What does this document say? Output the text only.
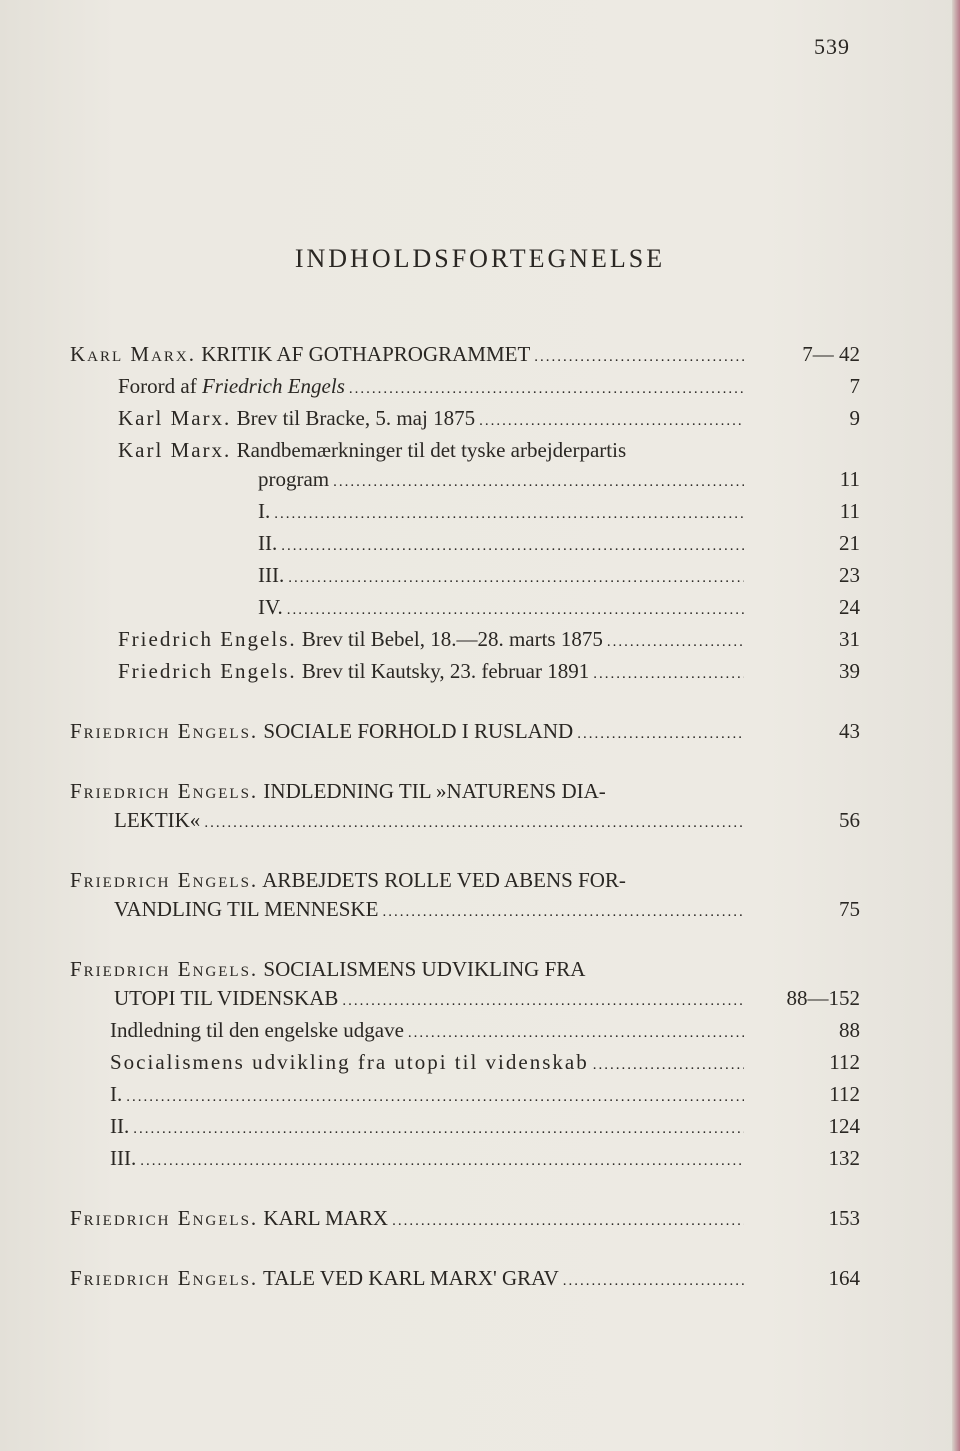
539
INDHOLDSFORTEGNELSE
Karl Marx. KRITIK AF GOTHAPROGRAMMET .....	7— 42
Forord af Friedrich Engels .....	7
Karl Marx. Brev til Bracke, 5. maj 1875 .....	9
Karl Marx. Randbemærkninger til det tyske arbejderpartis
program .....	11
I. .....	11
II. .....	21
III. .....	23
IV. .....	24
Friedrich Engels. Brev til Bebel, 18.—28. marts 1875 .....	31
Friedrich Engels. Brev til Kautsky, 23. februar 1891 .....	39
Friedrich Engels. SOCIALE FORHOLD I RUSLAND .....	43
Friedrich Engels. INDLEDNING TIL »NATURENS DIA-
LEKTIK« .....	56
Friedrich Engels. ARBEJDETS ROLLE VED ABENS FOR-
VANDLING TIL MENNESKE .....	75
Friedrich Engels. SOCIALISMENS UDVIKLING FRA
UTOPI TIL VIDENSKAB .....	88—152
Indledning til den engelske udgave .....	88
Socialismens udvikling fra utopi til videnskab .....	112
I. .....	112
II. .....	124
III. .....	132
Friedrich Engels. KARL MARX .....	153
Friedrich Engels. TALE VED KARL MARX' GRAV .....	164
